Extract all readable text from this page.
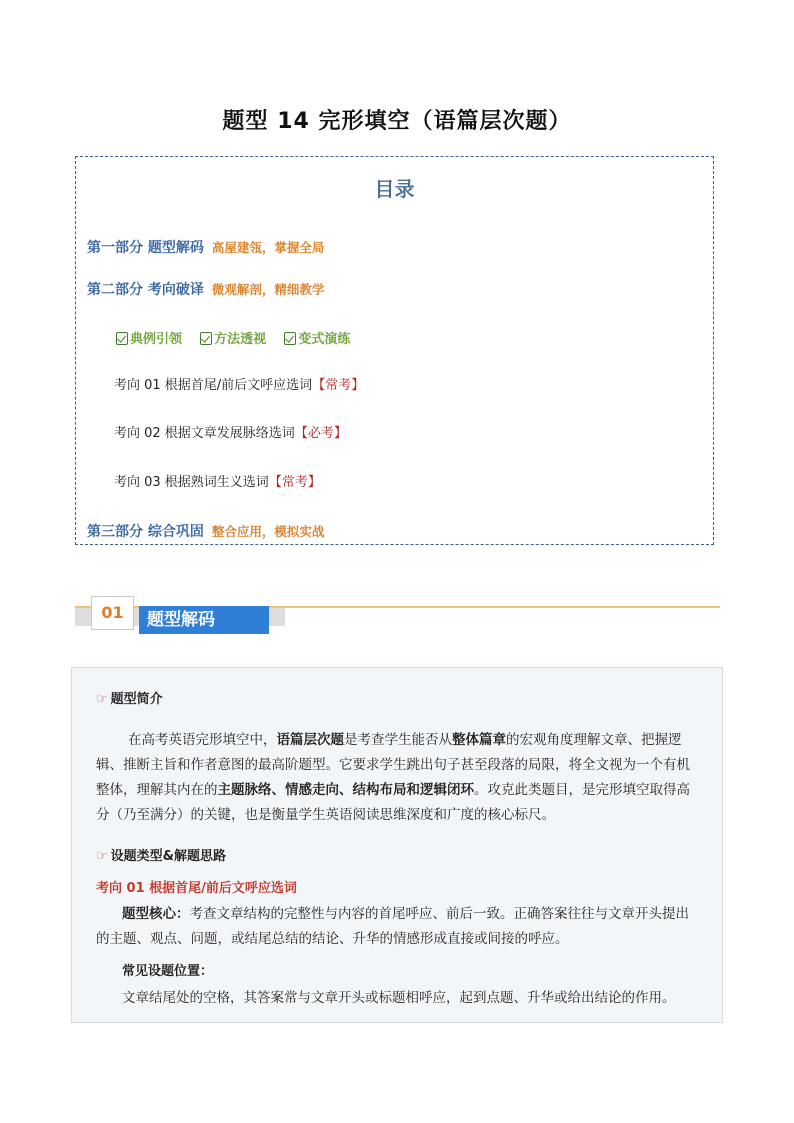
题型 14 完形填空（语篇层次题）
目录
第一部分 题型解码 高屋建瓴，掌握全局
第二部分 考向破译 微观解剖，精细教学
典例引领 方法透视 变式演练
考向 01 根据首尾/前后文呼应选词【常考】
考向 02 根据文章发展脉络选词【必考】
考向 03 根据熟词生义选词【常考】
第三部分 综合巩固 整合应用，模拟实战
01	题型解码
☞ 题型简介

在高考英语完形填空中，语篇层次题是考查学生能否从整体篇章的宏观角度理解文章、把握逻辑、推断主旨和作者意图的最高阶题型。它要求学生跳出句子甚至段落的局限，将全文视为一个有机整体，理解其内在的主题脉络、情感走向、结构布局和逻辑闭环。攻克此类题目，是完形填空取得高分（乃至满分）的关键，也是衡量学生英语阅读思维深度和广度的核心标尺。

☞ 设题类型&解题思路
考向 01 根据首尾/前后文呼应选词

题型核心：考查文章结构的完整性与内容的首尾呼应、前后一致。正确答案往往与文章开头提出的主题、观点、问题，或结尾总结的结论、升华的情感形成直接或间接的呼应。

常见设题位置：
文章结尾处的空格，其答案常与文章开头或标题相呼应，起到点题、升华或给出结论的作用。
